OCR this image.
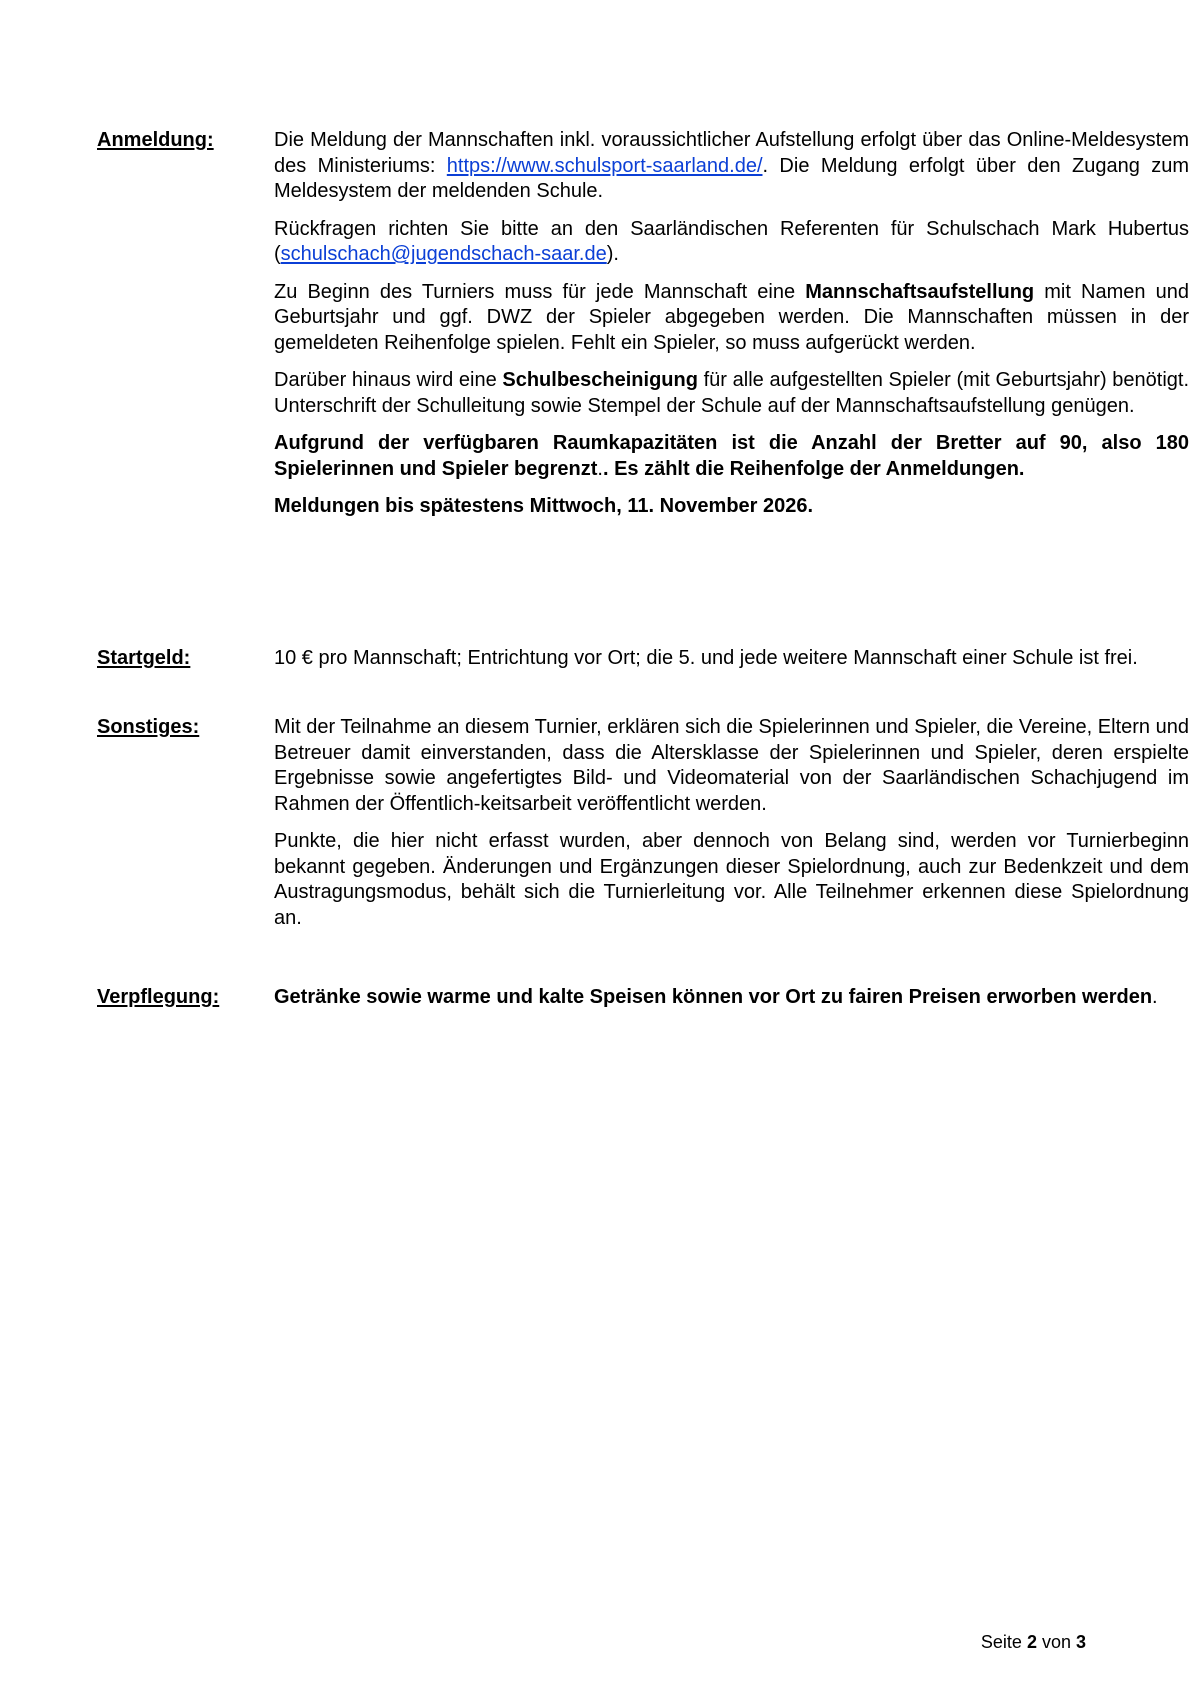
Anmeldung:	Die Meldung der Mannschaften inkl. voraussichtlicher Aufstellung erfolgt über das Online-Meldesystem des Ministeriums: https://www.schulsport-saarland.de/. Die Meldung erfolgt über den Zugang zum Meldesystem der meldenden Schule.

Rückfragen richten Sie bitte an den Saarländischen Referenten für Schulschach Mark Hubertus (schulschach@jugendschach-saar.de).

Zu Beginn des Turniers muss für jede Mannschaft eine Mannschaftsaufstellung mit Namen und Geburtsjahr und ggf. DWZ der Spieler abgegeben werden. Die Mannschaften müssen in der gemeldeten Reihenfolge spielen. Fehlt ein Spieler, so muss aufgerückt werden.

Darüber hinaus wird eine Schulbescheinigung für alle aufgestellten Spieler (mit Geburtsjahr) benötigt. Unterschrift der Schulleitung sowie Stempel der Schule auf der Mannschaftsaufstellung genügen.

Aufgrund der verfügbaren Raumkapazitäten ist die Anzahl der Bretter auf 90, also 180 Spielerinnen und Spieler begrenzt.. Es zählt die Reihenfolge der Anmeldungen.

Meldungen bis spätestens Mittwoch, 11. November 2026.

Startgeld:	10 € pro Mannschaft; Entrichtung vor Ort; die 5. und jede weitere Mannschaft einer Schule ist frei.

Sonstiges:	Mit der Teilnahme an diesem Turnier, erklären sich die Spielerinnen und Spieler, die Vereine, Eltern und Betreuer damit einverstanden, dass die Altersklasse der Spielerinnen und Spieler, deren erspielte Ergebnisse sowie angefertigtes Bild- und Videomaterial von der Saarländischen Schachjugend im Rahmen der Öffentlich-keitsarbeit veröffentlicht werden.

Punkte, die hier nicht erfasst wurden, aber dennoch von Belang sind, werden vor Turnierbeginn bekannt gegeben. Änderungen und Ergänzungen dieser Spielordnung, auch zur Bedenkzeit und dem Austragungsmodus, behält sich die Turnierleitung vor. Alle Teilnehmer erkennen diese Spielordnung an.

Verpflegung:	Getränke sowie warme und kalte Speisen können vor Ort zu fairen Preisen erworben werden.

Seite 2 von 3
